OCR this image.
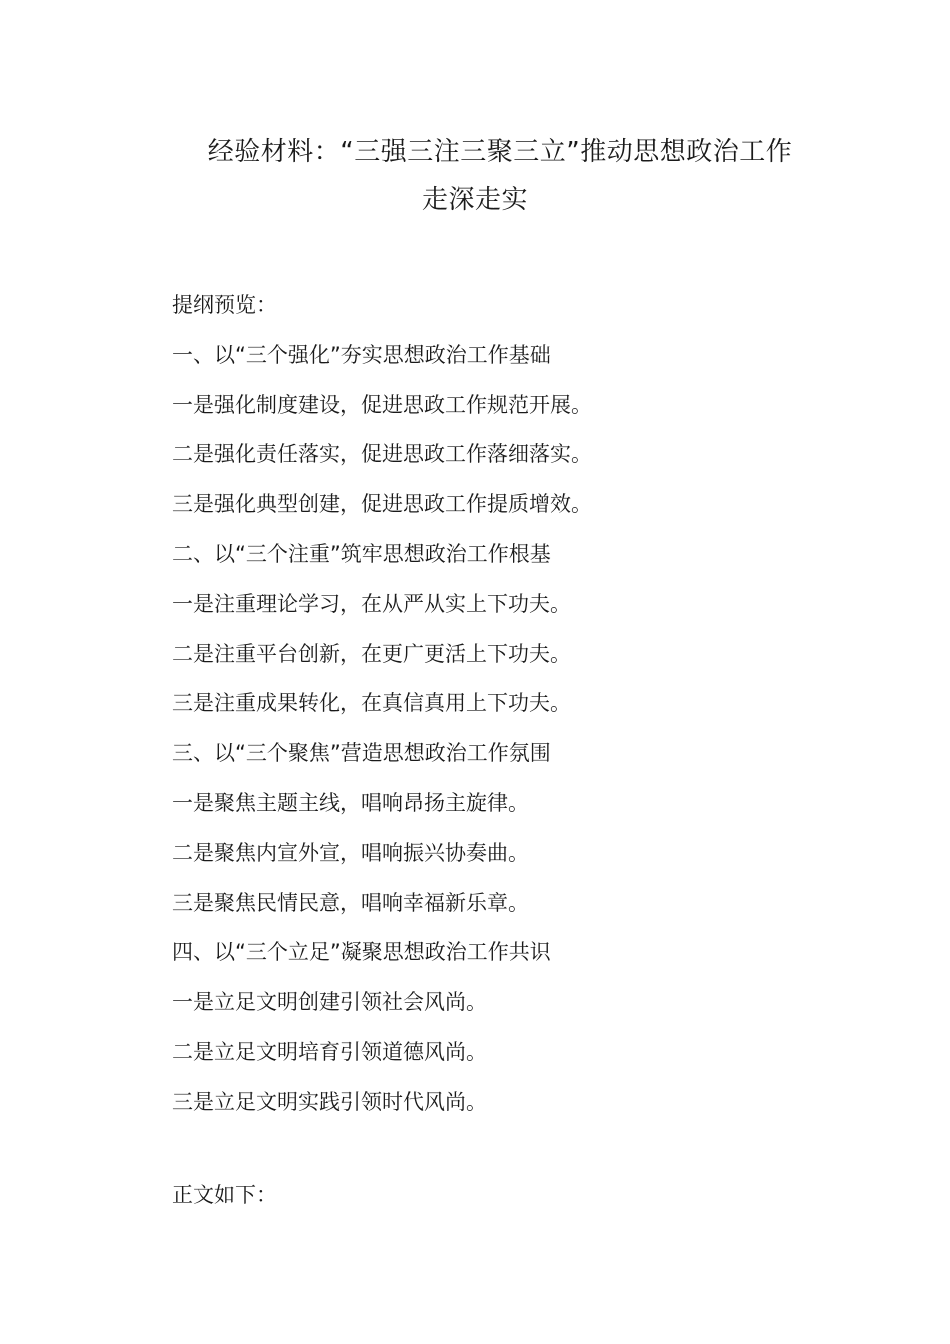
经验材料：“三强三注三聚三立”推动思想政治工作
走深走实
提纲预览：
一、以“三个强化”夯实思想政治工作基础
一是强化制度建设，促进思政工作规范开展。
二是强化责任落实，促进思政工作落细落实。
三是强化典型创建，促进思政工作提质增效。
二、以“三个注重”筑牢思想政治工作根基
一是注重理论学习，在从严从实上下功夫。
二是注重平台创新，在更广更活上下功夫。
三是注重成果转化，在真信真用上下功夫。
三、以“三个聚焦”营造思想政治工作氛围
一是聚焦主题主线，唱响昂扬主旋律。
二是聚焦内宣外宣，唱响振兴协奏曲。
三是聚焦民情民意，唱响幸福新乐章。
四、以“三个立足”凝聚思想政治工作共识
一是立足文明创建引领社会风尚。
二是立足文明培育引领道德风尚。
三是立足文明实践引领时代风尚。
正文如下：
